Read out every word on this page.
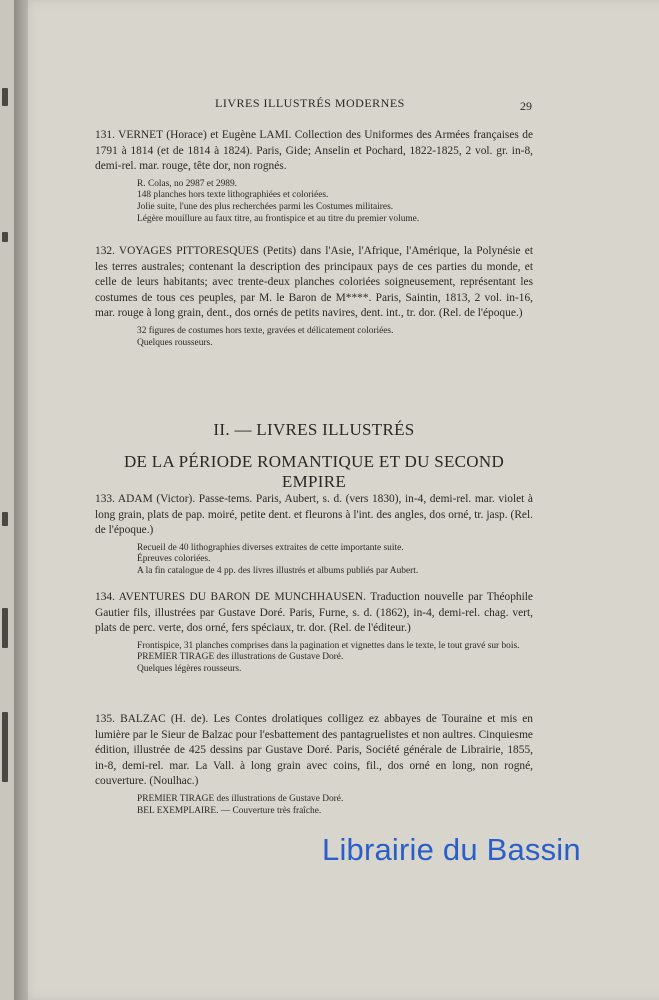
LIVRES ILLUSTRÉS MODERNES	29
131. VERNET (Horace) et Eugène LAMI. Collection des Uniformes des Armées françaises de 1791 à 1814 (et de 1814 à 1824). Paris, Gide; Anselin et Pochard, 1822-1825, 2 vol. gr. in-8, demi-rel. mar. rouge, tête dor, non rognés.
R. Colas, no 2987 et 2989.
148 planches hors texte lithographiées et coloriées.
Jolie suite, l'une des plus recherchées parmi les Costumes militaires.
Légère mouillure au faux titre, au frontispice et au titre du premier volume.
132. VOYAGES PITTORESQUES (Petits) dans l'Asie, l'Afrique, l'Amérique, la Polynésie et les terres australes; contenant la description des principaux pays de ces parties du monde, et celle de leurs habitants; avec trente-deux planches coloriées soigneusement, représentant les costumes de tous ces peuples, par M. le Baron de M****. Paris, Saintin, 1813, 2 vol. in-16, mar. rouge à long grain, dent., dos ornés de petits navires, dent. int., tr. dor. (Rel. de l'époque.)
32 figures de costumes hors texte, gravées et délicatement coloriées.
Quelques rousseurs.
II. — LIVRES ILLUSTRÉS
DE LA PÉRIODE ROMANTIQUE ET DU SECOND EMPIRE
133. ADAM (Victor). Passe-tems. Paris, Aubert, s. d. (vers 1830), in-4, demi-rel. mar. violet à long grain, plats de pap. moiré, petite dent. et fleurons à l'int. des angles, dos orné, tr. jasp. (Rel. de l'époque.)
Recueil de 40 lithographies diverses extraites de cette importante suite.
Épreuves coloriées.
A la fin catalogue de 4 pp. des livres illustrés et albums publiés par Aubert.
134. AVENTURES DU BARON DE MUNCHHAUSEN. Traduction nouvelle par Théophile Gautier fils, illustrées par Gustave Doré. Paris, Furne, s. d. (1862), in-4, demi-rel. chag. vert, plats de perc. verte, dos orné, fers spéciaux, tr. dor. (Rel. de l'éditeur.)
Frontispice, 31 planches comprises dans la pagination et vignettes dans le texte, le tout gravé sur bois.
PREMIER TIRAGE des illustrations de Gustave Doré.
Quelques légères rousseurs.
135. BALZAC (H. de). Les Contes drolatiques colligez ez abbayes de Touraine et mis en lumière par le Sieur de Balzac pour l'esbattement des pantagruelistes et non aultres. Cinquiesme édition, illustrée de 425 dessins par Gustave Doré. Paris, Société générale de Librairie, 1855, in-8, demi-rel. mar. La Vall. à long grain avec coins, fil., dos orné en long, non rogné, couverture. (Noulhac.)
PREMIER TIRAGE des illustrations de Gustave Doré.
BEL EXEMPLAIRE. — Couverture très fraîche.
Librairie du Bassin
